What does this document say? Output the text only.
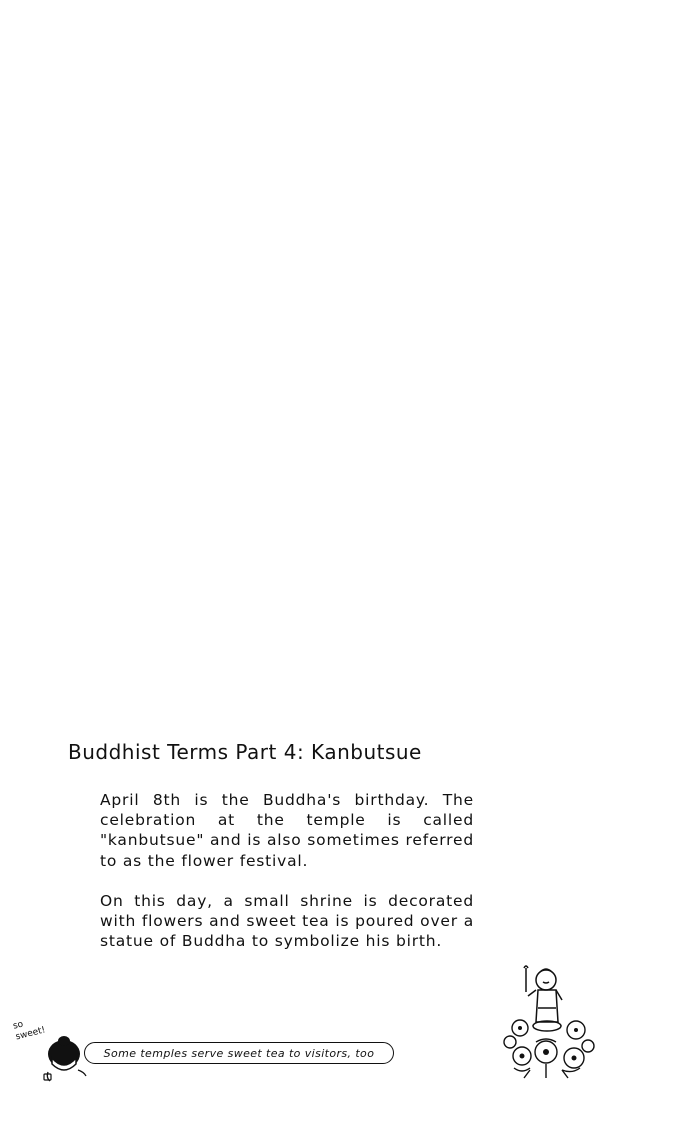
Buddhist Terms Part 4: Kanbutsue

April 8th is the Buddha's birthday. The celebration at the temple is called "kanbutsue" and is also sometimes referred to as the flower festival.

On this day, a small shrine is decorated with flowers and sweet tea is poured over a statue of Buddha to symbolize his birth.

so
sweet!
Some temples serve sweet tea to visitors, too
